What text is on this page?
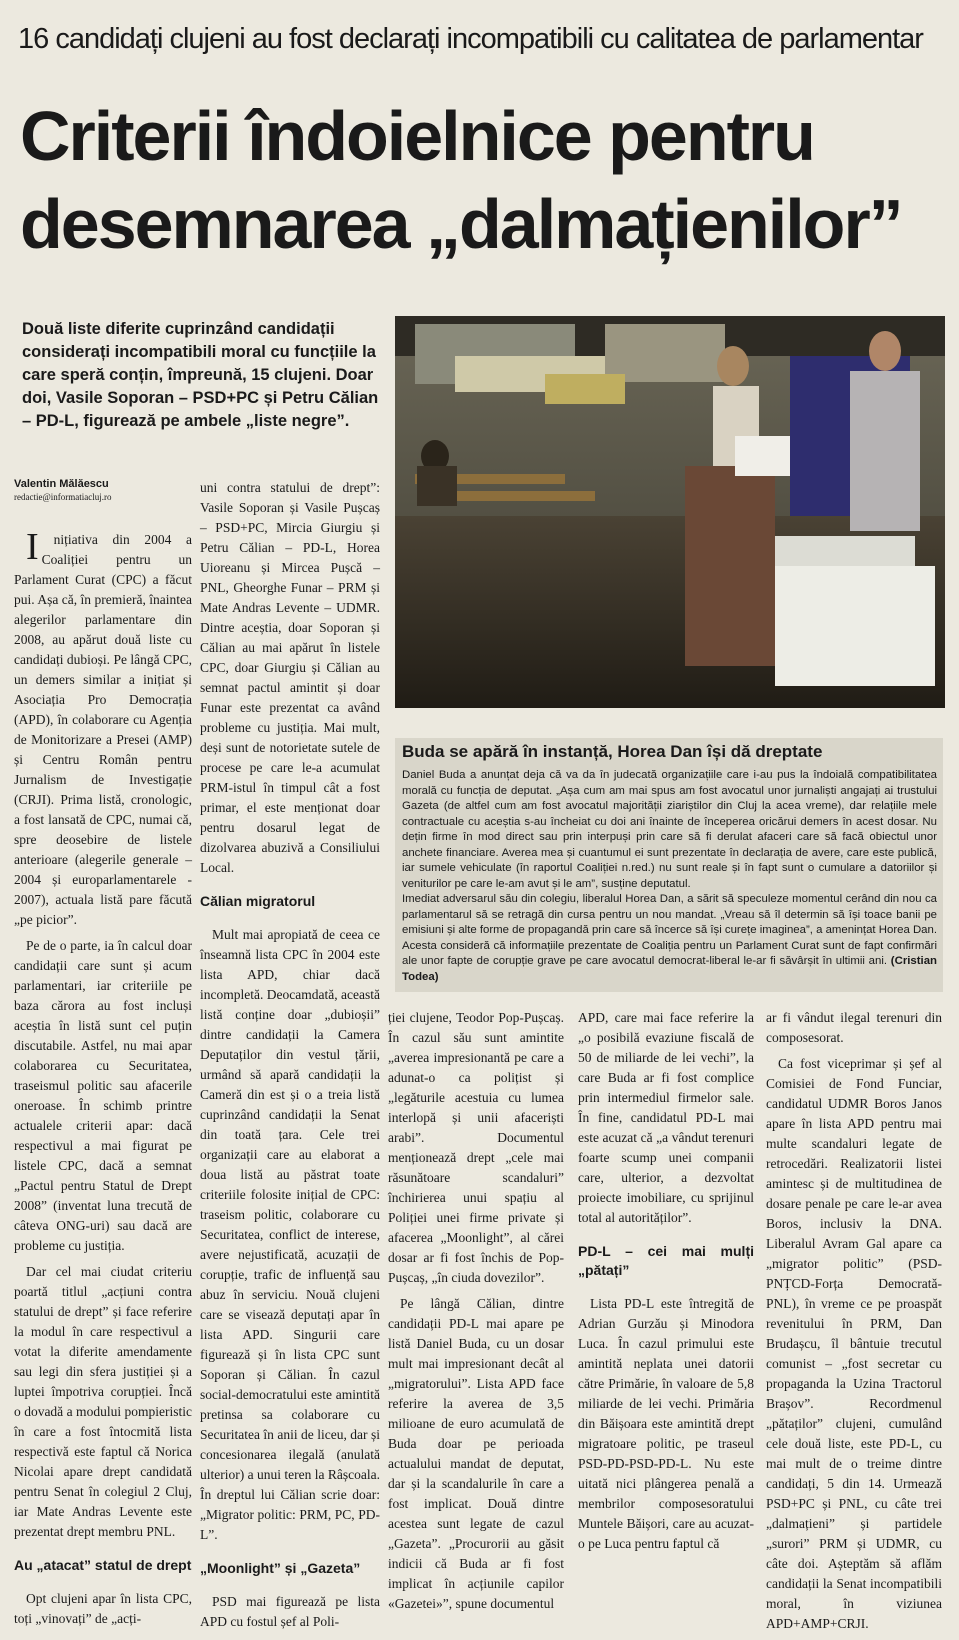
16 candidați clujeni au fost declarați incompatibili cu calitatea de parlamentar
Criterii îndoielnice pentru
desemnarea „dalmațienilor”
Două liste diferite cuprinzând candidații considerați incompatibili moral cu funcțiile la care speră conțin, împreună, 15 clujeni. Doar doi, Vasile Soporan – PSD+PC și Petru Călian – PD-L, figurează pe ambele „liste negre”.
Valentin Mălăescu
redactie@informatiacluj.ro

Inițiativa din 2004 a Coaliției pentru un Parlament Curat (CPC) a făcut pui. Așa că, în premieră, înaintea alegerilor parlamentare din 2008, au apărut două liste cu candidați dubioși. Pe lângă CPC, un demers similar a inițiat și Asociația Pro Democrația (APD), în colaborare cu Agenția de Monitorizare a Presei (AMP) și Centru Român pentru Jurnalism de Investigație (CRJI). Prima listă, cronologic, a fost lansată de CPC, numai că, spre deosebire de listele anterioare (alegerile generale – 2004 și europarlamentarele - 2007), actuala listă pare făcută „pe picior”.

Pe de o parte, ia în calcul doar candidații care sunt și acum parlamentari, iar criteriile pe baza cărora au fost incluși aceștia în listă sunt cel puțin discutabile. Astfel, nu mai apar colaborarea cu Securitatea, traseismul politic sau afacerile oneroase. În schimb printre actualele criterii apar: dacă respectivul a mai figurat pe listele CPC, dacă a semnat „Pactul pentru Statul de Drept 2008” (inventat luna trecută de câteva ONG-uri) sau dacă are probleme cu justiția.

Dar cel mai ciudat criteriu poartă titlul „acțiuni contra statului de drept” și face referire la modul în care respectivul a votat la diferite amendamente sau legi din sfera justiției și a luptei împotriva corupției. Încă o dovadă a modului pompieristic în care a fost întocmită lista respectivă este faptul că Norica Nicolai apare drept candidată pentru Senat în colegiul 2 Cluj, iar Mate Andras Levente este prezentat drept membru PNL.

Au „atacat” statul de drept

Opt clujeni apar în lista CPC, toți „vinovați” de „acți-

uni contra statului de drept”: Vasile Soporan și Vasile Pușcaș – PSD+PC, Mircia Giurgiu și Petru Călian – PD-L, Horea Uioreanu și Mircea Pușcă – PNL, Gheorghe Funar – PRM și Mate Andras Levente – UDMR. Dintre aceștia, doar Soporan și Călian au mai apărut în listele CPC, doar Giurgiu și Călian au semnat pactul amintit și doar Funar este prezentat ca având probleme cu justiția. Mai mult, deși sunt de notorietate sutele de procese pe care le-a acumulat PRM-istul în timpul cât a fost primar, el este menționat doar pentru dosarul legat de dizolvarea abuzivă a Consiliului Local.

Călian migratorul

Mult mai apropiată de ceea ce înseamnă lista CPC în 2004 este lista APD, chiar dacă incompletă. Deocamdată, această listă conține doar „dubioșii” dintre candidații la Camera Deputaților din vestul țării, urmând să apară candidații la Cameră din est și o a treia listă cuprinzând candidații la Senat din toată țara. Cele trei organizații care au elaborat a doua listă au păstrat toate criteriile folosite inițial de CPC: traseism politic, colaborare cu Securitatea, conflict de interese, avere nejustificată, acuzații de corupție, trafic de influență sau abuz în serviciu. Nouă clujeni care se visează deputați apar în lista APD. Singurii care figurează și în lista CPC sunt Soporan și Călian. În cazul social-democratului este amintită pretinsa sa colaborare cu Securitatea în anii de liceu, dar și concesionarea ilegală (anulată ulterior) a unui teren la Râșcoala. În dreptul lui Călian scrie doar: „Migrator politic: PRM, PC, PD-L”.

„Moonlight” și „Gazeta”

PSD mai figurează pe lista APD cu fostul șef al Poli-

Buda se apără în instanță, Horea Dan își dă dreptate

Daniel Buda a anunțat deja că va da în judecată organizațiile care i-au pus la îndoială compatibilitatea morală cu funcția de deputat. „Așa cum am mai spus am fost avocatul unor jurnaliști angajați ai trustului Gazeta (de altfel cum am fost avocatul majorității ziariștilor din Cluj la acea vreme), dar relațiile mele contractuale cu aceștia s-au încheiat cu doi ani înainte de începerea oricărui demers în acest dosar. Nu dețin firme în mod direct sau prin interpuși prin care să fi derulat afaceri care să facă obiectul unor anchete financiare. Averea mea și cuantumul ei sunt prezentate în declarația de avere, care este publică, iar sumele vehiculate (în raportul Coaliției n.red.) nu sunt reale și în fapt sunt o cumulare a datoriilor și veniturilor pe care le-am avut și le am”, susține deputatul.

Imediat adversarul său din colegiu, liberalul Horea Dan, a sărit să speculeze momentul cerând din nou ca parlamentarul să se retragă din cursa pentru un nou mandat. „Vreau să îl determin să își toace banii pe emisiuni și alte forme de propagandă prin care să încerce să își curețe imaginea”, a amenințat Horea Dan. Acesta consideră că informațiile prezentate de Coaliția pentru un Parlament Curat sunt de fapt confirmări ale unor fapte de corupție grave pe care avocatul democrat-liberal le-ar fi săvârșit în ultimii ani. (Cristian Todea)

ției clujene, Teodor Pop-Pușcaș. În cazul său sunt amintite „averea impresionantă pe care a adunat-o ca polițist și „legăturile acestuia cu lumea interlopă și unii afaceriști arabi”. Documentul menționează drept „cele mai răsunătoare scandaluri” închirierea unui spațiu al Poliției unei firme private și afacerea „Moonlight”, al cărei dosar ar fi fost închis de Pop-Pușcaș, „în ciuda dovezilor”.

Pe lângă Călian, dintre candidații PD-L mai apare pe listă Daniel Buda, cu un dosar mult mai impresionant decât al „migratorului”. Lista APD face referire la averea de 3,5 milioane de euro acumulată de Buda doar pe perioada actualului mandat de deputat, dar și la scandalurile în care a fost implicat. Două dintre acestea sunt legate de cazul „Gazeta”. „Procurorii au găsit indicii că Buda ar fi fost implicat în acțiunile capilor «Gazetei»”, spune documentul

APD, care mai face referire la „o posibilă evaziune fiscală de 50 de miliarde de lei vechi”, la care Buda ar fi fost complice prin intermediul firmelor sale. În fine, candidatul PD-L mai este acuzat că „a vândut terenuri foarte scump unei companii care, ulterior, a dezvoltat proiecte imobiliare, cu sprijinul total al autorităților”.

PD-L – cei mai mulți „pătați”

Lista PD-L este întregită de Adrian Gurzău și Minodora Luca. În cazul primului este amintită neplata unei datorii către Primărie, în valoare de 5,8 miliarde de lei vechi. Primăria din Băișoara este amintită drept migratoare politic, pe traseul PSD-PD-PSD-PD-L. Nu este uitată nici plângerea penală a membrilor composesoratului Muntele Băișori, care au acuzat-o pe Luca pentru faptul că

ar fi vândut ilegal terenuri din composesorat.

Ca fost viceprimar și șef al Comisiei de Fond Funciar, candidatul UDMR Boros Janos apare în lista APD pentru mai multe scandaluri legate de retrocedări. Realizatorii listei amintesc și de multitudinea de dosare penale pe care le-ar avea Boros, inclusiv la DNA. Liberalul Avram Gal apare ca „migrator politic” (PSD-PNȚCD-Forța Democrată-PNL), în vreme ce pe proaspăt revenitului în PRM, Dan Brudașcu, îl bântuie trecutul comunist – „fost secretar cu propaganda la Uzina Tractorul Brașov”. Recordmenul „pătaților” clujeni, cumulând cele două liste, este PD-L, cu mai mult de o treime dintre candidați, 5 din 14. Urmează PSD+PC și PNL, cu câte trei „dalmațieni” și partidele „surori” PRM și UDMR, cu câte doi. Așteptăm să aflăm candidații la Senat incompatibili moral, în viziunea APD+AMP+CRJI.
